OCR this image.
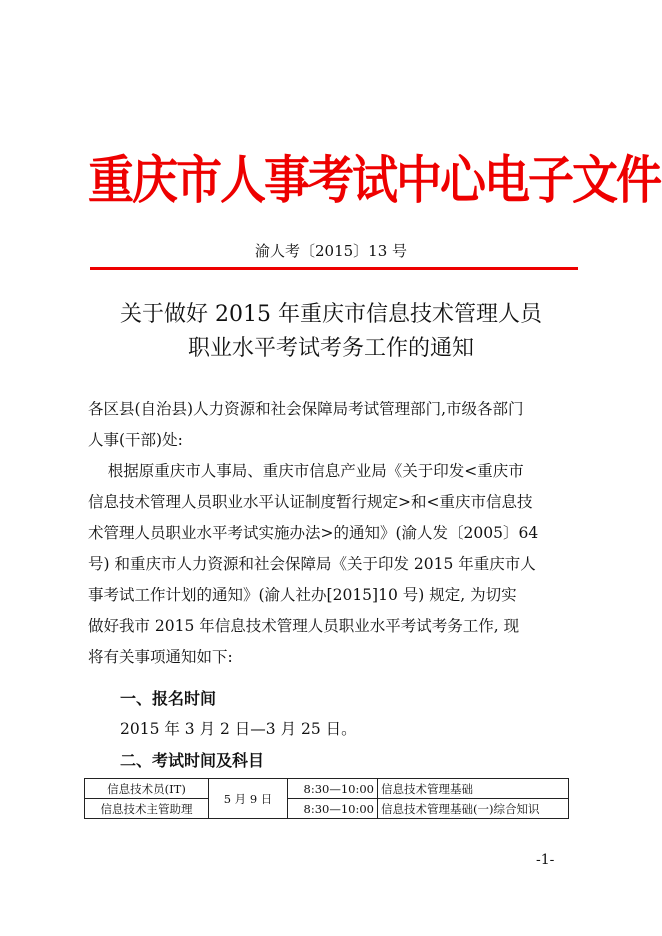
重庆市人事考试中心电子文件
渝人考〔2015〕13 号
关于做好 2015 年重庆市信息技术管理人员
职业水平考试考务工作的通知
各区县(自治县)人力资源和社会保障局考试管理部门,市级各部门
人事(干部)处:
根据原重庆市人事局、重庆市信息产业局《关于印发<重庆市
信息技术管理人员职业水平认证制度暂行规定>和<重庆市信息技
术管理人员职业水平考试实施办法>的通知》(渝人发〔2005〕64
号) 和重庆市人力资源和社会保障局《关于印发 2015 年重庆市人
事考试工作计划的通知》(渝人社办[2015]10 号) 规定, 为切实
做好我市 2015 年信息技术管理人员职业水平考试考务工作, 现
将有关事项通知如下:
一、报名时间
2015 年 3 月 2 日—3 月 25 日。
二、考试时间及科目
信息技术员(IT)	5 月 9 日	8:30—10:00	信息技术管理基础
信息技术主管助理		8:30—10:00	信息技术管理基础(一)综合知识
-1-
